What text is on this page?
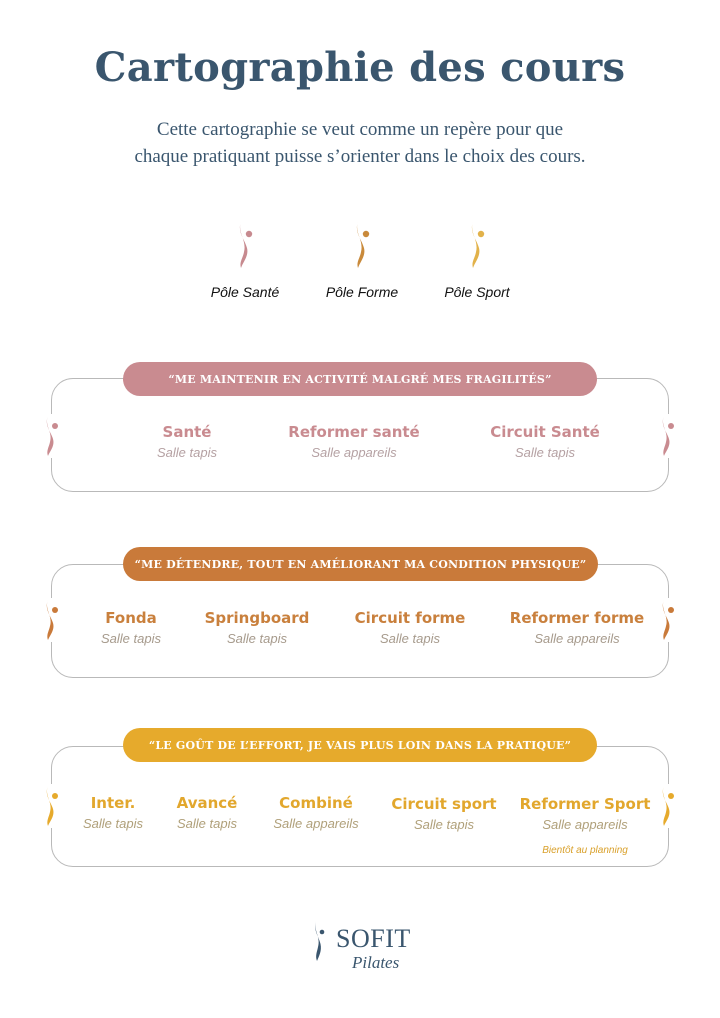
Cartographie des cours

Cette cartographie se veut comme un repère pour que
chaque pratiquant puisse s’orienter dans le choix des cours.

Pôle Santé	Pôle Forme	Pôle Sport
“ME MAINTENIR EN ACTIVITÉ MALGRÉ MES FRAGILITÉS”
Santé
Salle tapis
Reformer santé
Salle appareils
Circuit Santé
Salle tapis
“ME DÉTENDRE, TOUT EN AMÉLIORANT MA CONDITION PHYSIQUE”
Fonda
Salle tapis
Springboard
Salle tapis
Circuit forme
Salle tapis
Reformer forme
Salle appareils
“LE GOÛT DE L’EFFORT, JE VAIS PLUS LOIN DANS LA PRATIQUE”
Inter.
Salle tapis
Avancé
Salle tapis
Combiné
Salle appareils
Circuit sport
Salle tapis
Reformer Sport
Salle appareils
Bientôt au planning
SOFIT
Pilates
